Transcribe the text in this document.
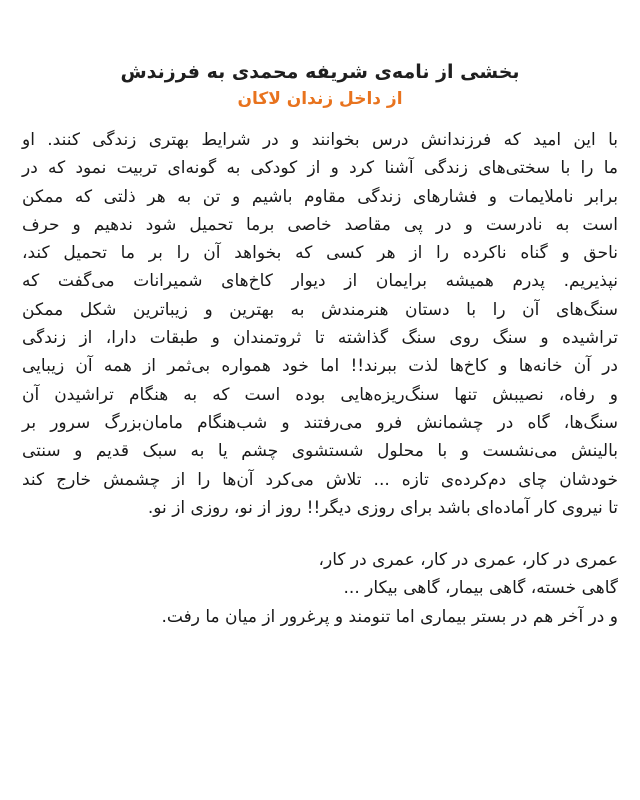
بخشی از نامه‌ی شریفه محمدی به فرزندش
از داخل زندان لاکان
با این امید که فرزندانش درس بخوانند و در شرایط بهتری زندگی کنند. او
ما را با سختی‌های زندگی آشنا کرد و از کودکی به گونه‌ای تربیت نمود که در
برابر ناملایمات و فشارهای زندگی مقاوم باشیم و تن به هر ذلتی که ممکن
است به نادرست و در پی مقاصد خاصی برما تحمیل شود ندهیم و حرف
ناحق و گناه ناکرده را از هر کسی که بخواهد آن را بر ما تحمیل کند،
نپذیریم. پدرم همیشه برایمان از دیوار کاخ‌های شمیرانات می‌گفت که
سنگ‌های آن را با دستان هنرمندش به بهترین و زیباترین شکل ممکن
تراشیده و سنگ روی سنگ گذاشته تا ثروتمندان و طبقات دارا، از زندگی
در آن خانه‌ها و کاخ‌ها لذت ببرند!! اما خود همواره بی‌ثمر از همه آن زیبایی
و رفاه، نصیبش تنها سنگ‌ریزه‌هایی بوده است که به هنگام تراشیدن آن
سنگ‌ها، گاه در چشمانش فرو می‌رفتند و شب‌هنگام مامان‌بزرگ سرور بر
بالینش می‌نشست و با محلول شستشوی چشم یا به سبک قدیم و سنتی
خودشان چای دم‌کرده‌ی تازه ... تلاش می‌کرد آن‌ها را از چشمش خارج کند
تا نیروی کار آماده‌ای باشد برای روزی دیگر!! روز از نو، روزی از نو.
عمری در کار، عمری در کار، عمری در کار،
گاهی خسته، گاهی بیمار، گاهی بیکار ...
و در آخر هم در بستر بیماری اما تنومند و پرغرور از میان ما رفت.
